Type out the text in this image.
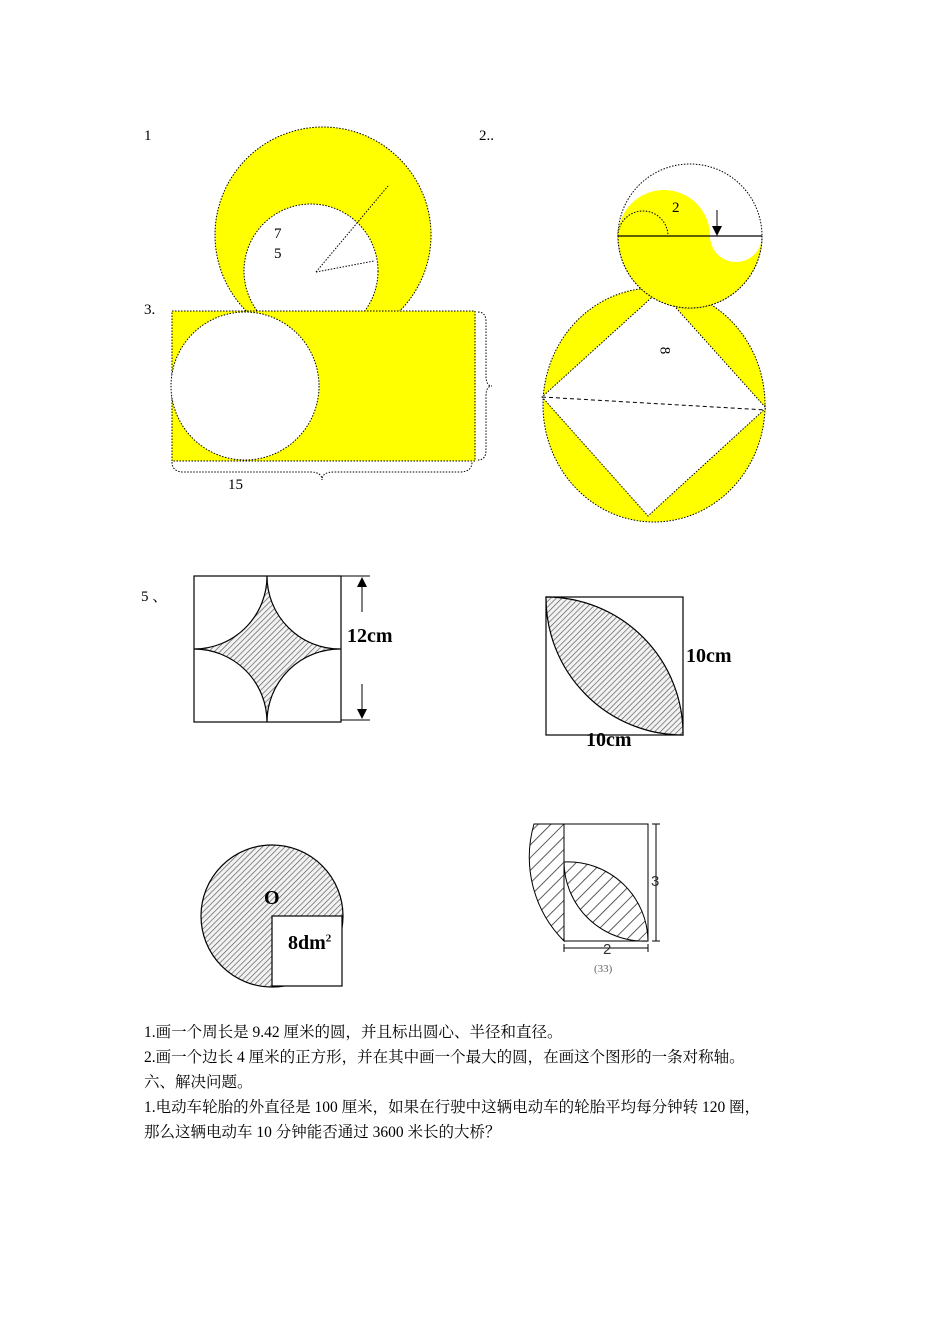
1
7
5
2..
2
3.
15
8
5 、
12cm
10cm
10cm
O
$8dm^2$
3
2
(33)
1.画一个周长是 9.42 厘米的圆，并且标出圆心、半径和直径。
2.画一个边长 4 厘米的正方形，并在其中画一个最大的圆，在画这个图形的一条对称轴。
六、解决问题。
1.电动车轮胎的外直径是 100 厘米，如果在行驶中这辆电动车的轮胎平均每分钟转 120 圈，
那么这辆电动车 10 分钟能否通过 3600 米长的大桥？
